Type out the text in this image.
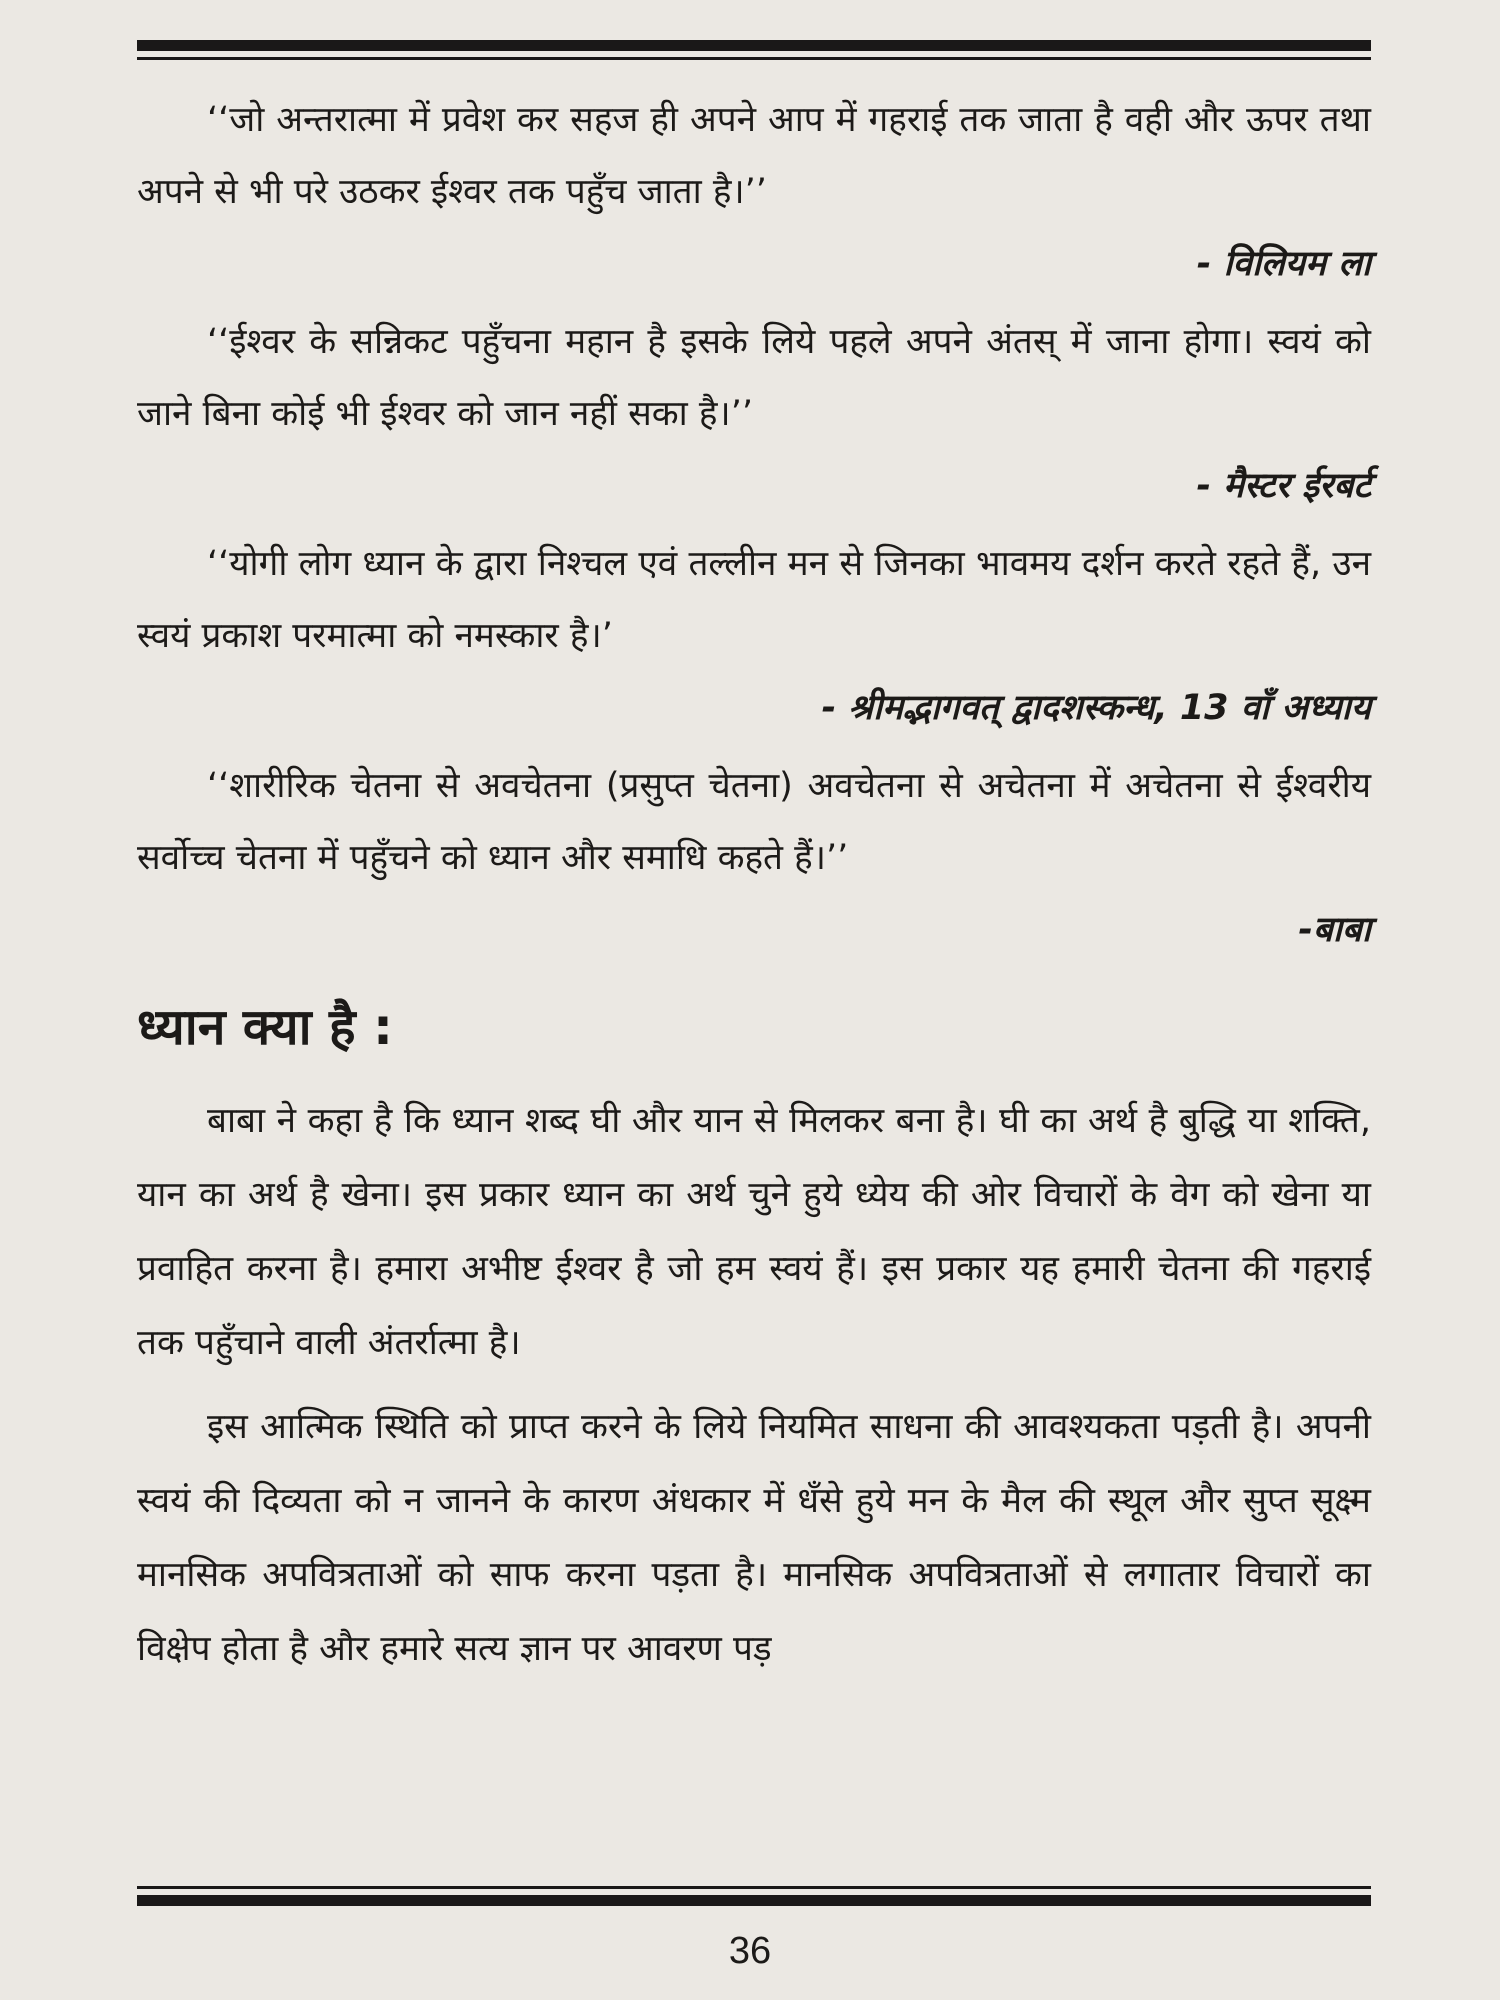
‘‘जो अन्तरात्मा में प्रवेश कर सहज ही अपने आप में गहराई तक जाता है वही और ऊपर तथा अपने से भी परे उठकर ईश्वर तक पहुँच जाता है।’’

- विलियम ला

‘‘ईश्वर के सन्निकट पहुँचना महान है इसके लिये पहले अपने अंतस् में जाना होगा। स्वयं को जाने बिना कोई भी ईश्वर को जान नहीं सका है।’’

- मैस्टर ईरबर्ट

‘‘योगी लोग ध्यान के द्वारा निश्चल एवं तल्लीन मन से जिनका भावमय दर्शन करते रहते हैं, उन स्वयं प्रकाश परमात्मा को नमस्कार है।’

- श्रीमद्भागवत् द्वादशस्कन्ध, 13 वाँ अध्याय

‘‘शारीरिक चेतना से अवचेतना (प्रसुप्त चेतना) अवचेतना से अचेतना में अचेतना से ईश्वरीय सर्वोच्च चेतना में पहुँचने को ध्यान और समाधि कहते हैं।’’

-बाबा

ध्यान क्या है :

बाबा ने कहा है कि ध्यान शब्द घी और यान से मिलकर बना है। घी का अर्थ है बुद्धि या शक्ति, यान का अर्थ है खेना। इस प्रकार ध्यान का अर्थ चुने हुये ध्येय की ओर विचारों के वेग को खेना या प्रवाहित करना है। हमारा अभीष्ट ईश्वर है जो हम स्वयं हैं। इस प्रकार यह हमारी चेतना की गहराई तक पहुँचाने वाली अंतर्रात्मा है।

इस आत्मिक स्थिति को प्राप्त करने के लिये नियमित साधना की आवश्यकता पड़ती है। अपनी स्वयं की दिव्यता को न जानने के कारण अंधकार में धँसे हुये मन के मैल की स्थूल और सुप्त सूक्ष्म मानसिक अपवित्रताओं को साफ करना पड़ता है। मानसिक अपवित्रताओं से लगातार विचारों का विक्षेप होता है और हमारे सत्य ज्ञान पर आवरण पड़

36
